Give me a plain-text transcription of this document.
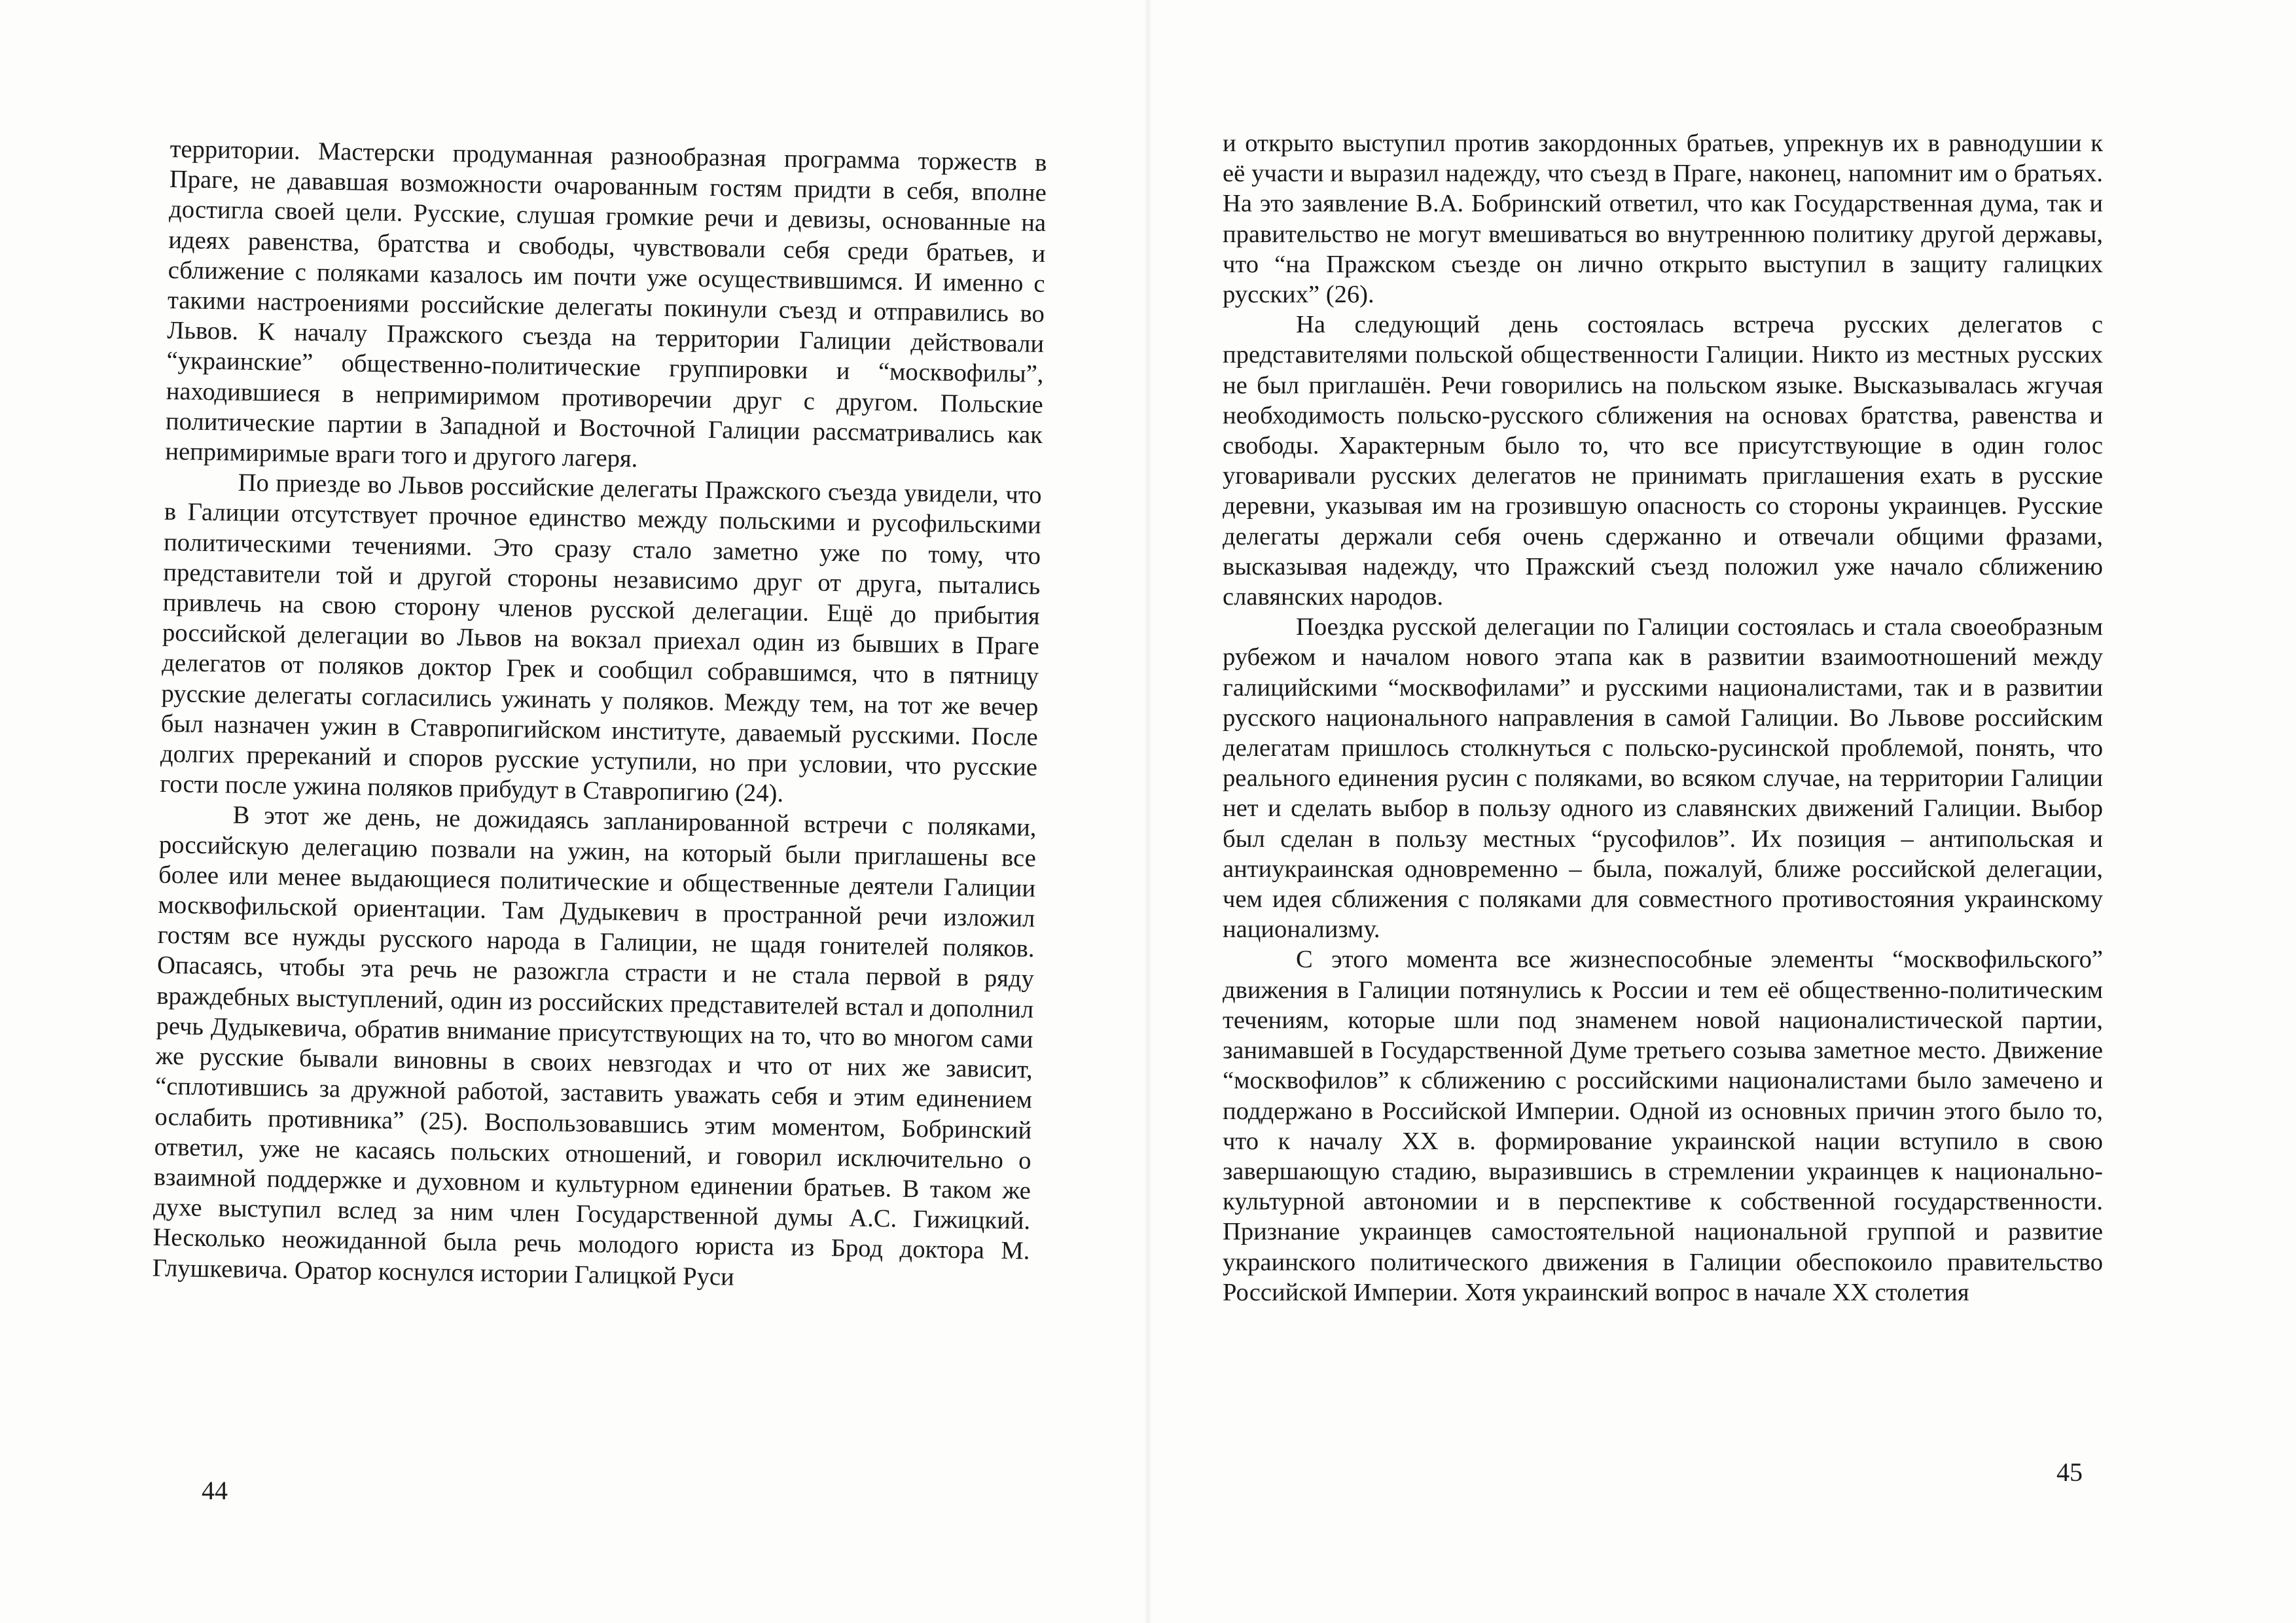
территории. Мастерски продуманная разнообразная программа торжеств в Праге, не дававшая возможности очарованным гостям придти в себя, вполне достигла своей цели. Русские, слушая громкие речи и девизы, основанные на идеях равенства, братства и свободы, чувствовали себя среди братьев, и сближение с поляками казалось им почти уже осуществившимся. И именно с такими настроениями российские делегаты покинули съезд и отправились во Львов. К началу Пражского съезда на территории Галиции действовали “украинские” общественно-политические группировки и “москвофилы”, находившиеся в непримиримом противоречии друг с другом. Польские политические партии в Западной и Восточной Галиции рассматривались как непримиримые враги того и другого лагеря.

По приезде во Львов российские делегаты Пражского съезда увидели, что в Галиции отсутствует прочное единство между польскими и русофильскими политическими течениями. Это сразу стало заметно уже по тому, что представители той и другой стороны независимо друг от друга, пытались привлечь на свою сторону членов русской делегации. Ещё до прибытия российской делегации во Львов на вокзал приехал один из бывших в Праге делегатов от поляков доктор Грек и сообщил собравшимся, что в пятницу русские делегаты согласились ужинать у поляков. Между тем, на тот же вечер был назначен ужин в Ставропигийском институте, даваемый русскими. После долгих пререканий и споров русские уступили, но при условии, что русские гости после ужина поляков прибудут в Ставропигию (24).

В этот же день, не дожидаясь запланированной встречи с поляками, российскую делегацию позвали на ужин, на который были приглашены все более или менее выдающиеся политические и общественные деятели Галиции москвофильской ориентации. Там Дудыкевич в пространной речи изложил гостям все нужды русского народа в Галиции, не щадя гонителей поляков. Опасаясь, чтобы эта речь не разожгла страсти и не стала первой в ряду враждебных выступлений, один из российских представителей встал и дополнил речь Дудыкевича, обратив внимание присутствующих на то, что во многом сами же русские бывали виновны в своих невзгодах и что от них же зависит, “сплотившись за дружной работой, заставить уважать себя и этим единением ослабить противника” (25). Воспользовавшись этим моментом, Бобринский ответил, уже не касаясь польских отношений, и говорил исключительно о взаимной поддержке и духовном и культурном единении братьев. В таком же духе выступил вслед за ним член Государственной думы А.С. Гижицкий. Несколько неожиданной была речь молодого юриста из Брод доктора М. Глушкевича. Оратор коснулся истории Галицкой Руси

44

и открыто выступил против закордонных братьев, упрекнув их в равнодушии к её участи и выразил надежду, что съезд в Праге, наконец, напомнит им о братьях. На это заявление В.А. Бобринский ответил, что как Государственная дума, так и правительство не могут вмешиваться во внутреннюю политику другой державы, что “на Пражском съезде он лично открыто выступил в защиту галицких русских” (26).

На следующий день состоялась встреча русских делегатов с представителями польской общественности Галиции. Никто из местных русских не был приглашён. Речи говорились на польском языке. Высказывалась жгучая необходимость польско-русского сближения на основах братства, равенства и свободы. Характерным было то, что все присутствующие в один голос уговаривали русских делегатов не принимать приглашения ехать в русские деревни, указывая им на грозившую опасность со стороны украинцев. Русские делегаты держали себя очень сдержанно и отвечали общими фразами, высказывая надежду, что Пражский съезд положил уже начало сближению славянских народов.

Поездка русской делегации по Галиции состоялась и стала своеобразным рубежом и началом нового этапа как в развитии взаимоотношений между галицийскими “москвофилами” и русскими националистами, так и в развитии русского национального направления в самой Галиции. Во Львове российским делегатам пришлось столкнуться с польско-русинской проблемой, понять, что реального единения русин с поляками, во всяком случае, на территории Галиции нет и сделать выбор в пользу одного из славянских движений Галиции. Выбор был сделан в пользу местных “русофилов”. Их позиция – антипольская и антиукраинская одновременно – была, пожалуй, ближе российской делегации, чем идея сближения с поляками для совместного противостояния украинскому национализму.

С этого момента все жизнеспособные элементы “москвофильского” движения в Галиции потянулись к России и тем её общественно-политическим течениям, которые шли под знаменем новой националистической партии, занимавшей в Государственной Думе третьего созыва заметное место. Движение “москвофилов” к сближению с российскими националистами было замечено и поддержано в Российской Империи. Одной из основных причин этого было то, что к началу XX в. формирование украинской нации вступило в свою завершающую стадию, выразившись в стремлении украинцев к национально-культурной автономии и в перспективе к собственной государственности. Признание украинцев самостоятельной национальной группой и развитие украинского политического движения в Галиции обеспокоило правительство Российской Империи. Хотя украинский вопрос в начале XX столетия

45
